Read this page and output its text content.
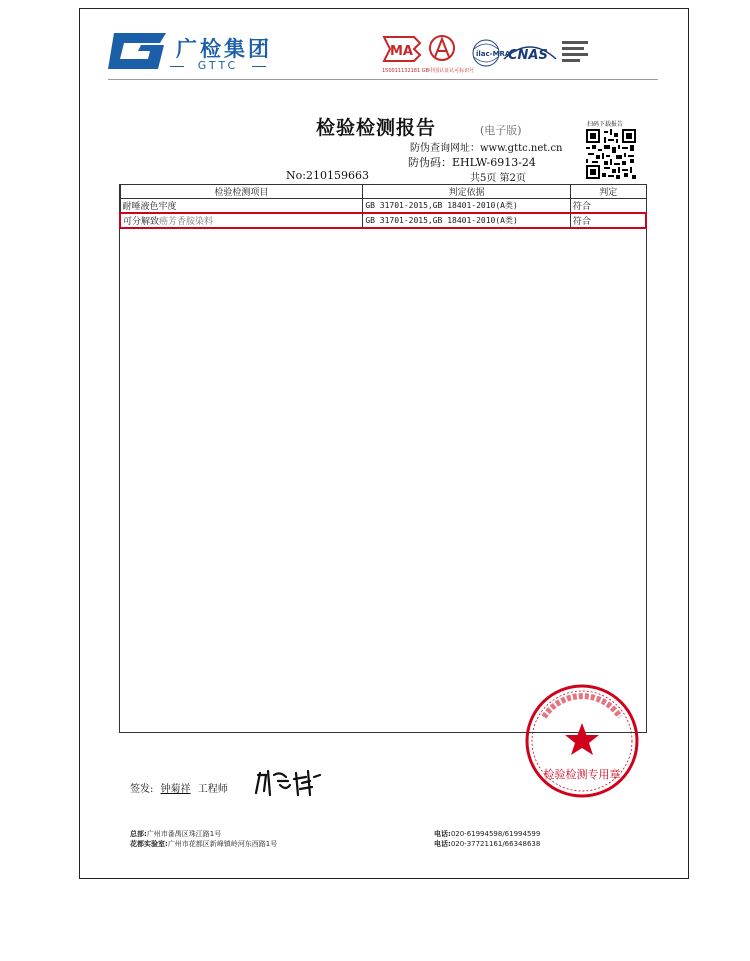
广检集团
GTTC
MA	ilac-MRA
CNAS
150011132181 GB中国认证认可标识号
检验检测报告	(电子版)
防伪查询网址：www.gttc.net.cn
防伪码：EHLW-6913-24
No:210159663	共5页 第2页
扫码下载报告
检验检测项目	判定依据	判定
耐唾液色牢度	GB 31701-2015,GB 18401-2010(A类)	符合
可分解致癌芳香胺染料	GB 31701-2015,GB 18401-2010(A类)	符合
检验检测专用章
签发: 钟菊祥 工程师
总部:广州市番禺区珠江路1号
花都实验室:广州市花都区新峰镇岭河东西路1号
电话:020-61994598/61994599
电话:020-37721161/66348638
